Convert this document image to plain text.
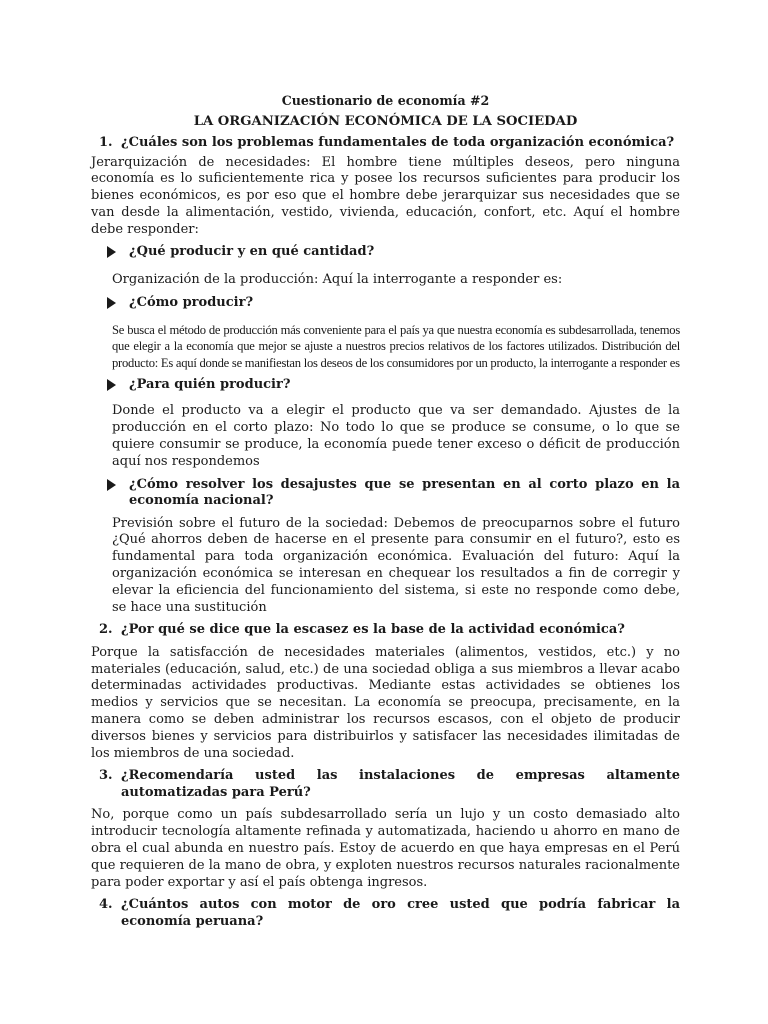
Cuestionario de economía #2

LA ORGANIZACIÓN ECONÓMICA DE LA SOCIEDAD

1. ¿Cuáles son los problemas fundamentales de toda organización económica?

Jerarquización de necesidades: El hombre tiene múltiples deseos, pero ninguna economía es lo suficientemente rica y posee los recursos suficientes para producir los bienes económicos, es por eso que el hombre debe jerarquizar sus necesidades que se van desde la alimentación, vestido, vivienda, educación, confort, etc. Aquí el hombre debe responder:

¿Qué producir y en qué cantidad?

Organización de la producción: Aquí la interrogante a responder es:

¿Cómo producir?

Se busca el método de producción más conveniente para el país ya que nuestra economía es subdesarrollada, tenemos que elegir a la economía que mejor se ajuste a nuestros precios relativos de los factores utilizados. Distribución del producto: Es aquí donde se manifiestan los deseos de los consumidores por un producto, la interrogante a responder es

¿Para quién producir?

Donde el producto va a elegir el producto que va ser demandado. Ajustes de la producción en el corto plazo: No todo lo que se produce se consume, o lo que se quiere consumir se produce, la economía puede tener exceso o déficit de producción aquí nos respondemos

¿Cómo resolver los desajustes que se presentan en al corto plazo en la economía nacional?

Previsión sobre el futuro de la sociedad: Debemos de preocuparnos sobre el futuro ¿Qué ahorros deben de hacerse en el presente para consumir en el futuro?, esto es fundamental para toda organización económica. Evaluación del futuro: Aquí la organización económica se interesan en chequear los resultados a fin de corregir y elevar la eficiencia del funcionamiento del sistema, si este no responde como debe, se hace una sustitución

2. ¿Por qué se dice que la escasez es la base de la actividad económica?

Porque la satisfacción de necesidades materiales (alimentos, vestidos, etc.) y no materiales (educación, salud, etc.) de una sociedad obliga a sus miembros a llevar acabo determinadas actividades productivas. Mediante estas actividades se obtienes los medios y servicios que se necesitan. La economía se preocupa, precisamente, en la manera como se deben administrar los recursos escasos, con el objeto de producir diversos bienes y servicios para distribuirlos y satisfacer las necesidades ilimitadas de los miembros de una sociedad.

3. ¿Recomendaría usted las instalaciones de empresas altamente automatizadas para Perú?

No, porque como un país subdesarrollado sería un lujo y un costo demasiado alto introducir tecnología altamente refinada y automatizada, haciendo u ahorro en mano de obra el cual abunda en nuestro país. Estoy de acuerdo en que haya empresas en el Perú que requieren de la mano de obra, y exploten nuestros recursos naturales racionalmente para poder exportar y así el país obtenga ingresos.

4. ¿Cuántos autos con motor de oro cree usted que podría fabricar la economía peruana?
